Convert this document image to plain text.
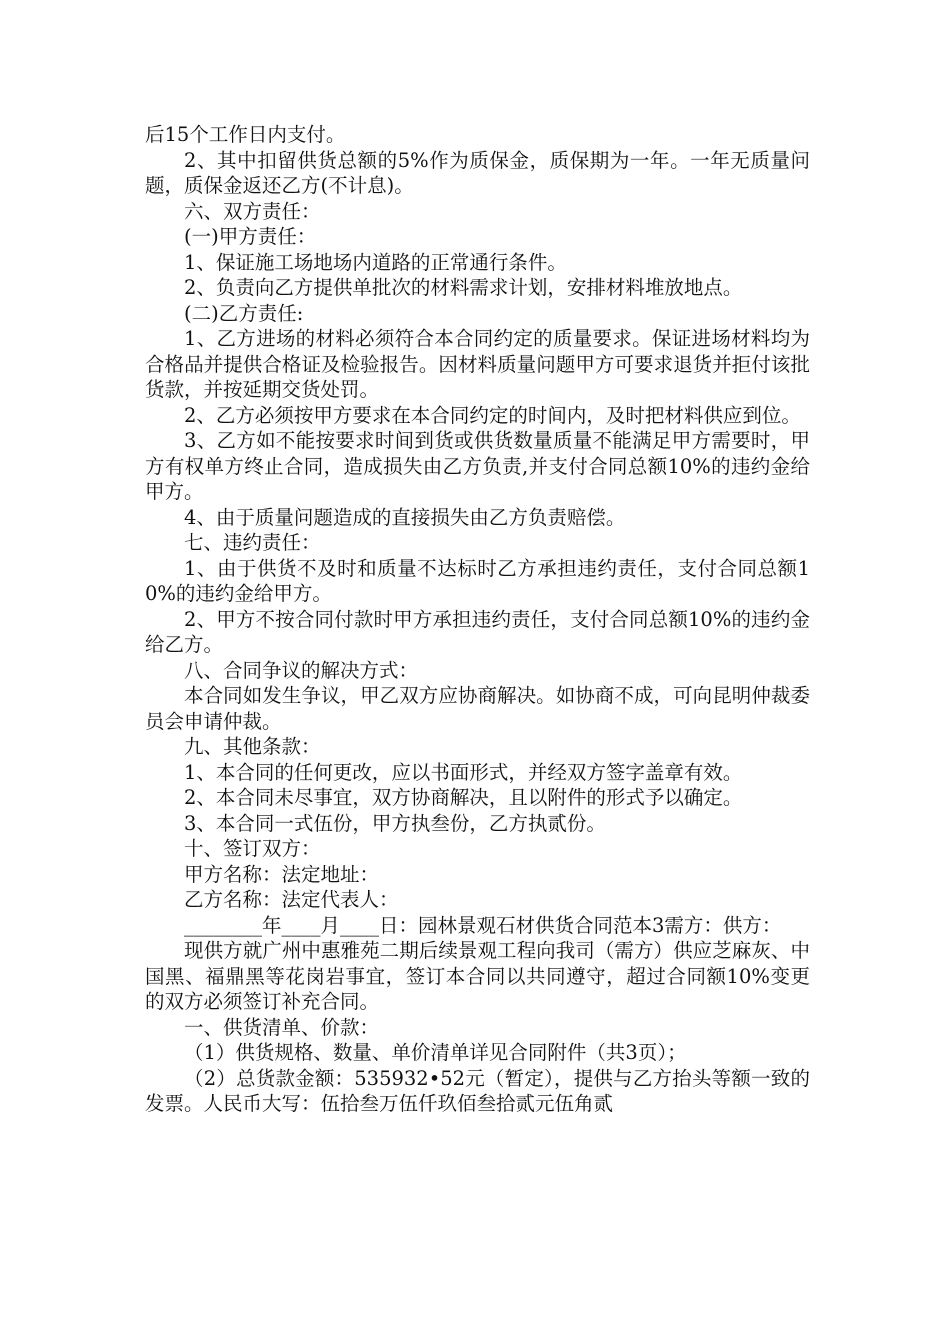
后15个工作日内支付。

2、其中扣留供货总额的5%作为质保金，质保期为一年。一年无质量问题，质保金返还乙方(不计息)。

六、双方责任：

(一)甲方责任：

1、保证施工场地场内道路的正常通行条件。

2、负责向乙方提供单批次的材料需求计划，安排材料堆放地点。

(二)乙方责任:

1、乙方进场的材料必须符合本合同约定的质量要求。保证进场材料均为合格品并提供合格证及检验报告。因材料质量问题甲方可要求退货并拒付该批货款，并按延期交货处罚。

2、乙方必须按甲方要求在本合同约定的时间内，及时把材料供应到位。

3、乙方如不能按要求时间到货或供货数量质量不能满足甲方需要时，甲方有权单方终止合同，造成损失由乙方负责,并支付合同总额10%的违约金给甲方。

4、由于质量问题造成的直接损失由乙方负责赔偿。

七、违约责任：

1、由于供货不及时和质量不达标时乙方承担违约责任，支付合同总额10%的违约金给甲方。

2、甲方不按合同付款时甲方承担违约责任，支付合同总额10%的违约金给乙方。

八、合同争议的解决方式：

本合同如发生争议，甲乙双方应协商解决。如协商不成，可向昆明仲裁委员会申请仲裁。

九、其他条款：

1、本合同的任何更改，应以书面形式，并经双方签字盖章有效。

2、本合同未尽事宜，双方协商解决，且以附件的形式予以确定。

3、本合同一式伍份，甲方执叁份，乙方执贰份。

十、签订双方：

甲方名称：法定地址：

乙方名称：法定代表人：

________年____月____日：园林景观石材供货合同范本3需方：供方：

现供方就广州中惠雅苑二期后续景观工程向我司（需方）供应芝麻灰、中国黑、福鼎黑等花岗岩事宜，签订本合同以共同遵守，超过合同额10%变更的双方必须签订补充合同。

一、供货清单、价款：

（1）供货规格、数量、单价清单详见合同附件（共3页）；

（2）总货款金额：535932•52元（暂定），提供与乙方抬头等额一致的发票。人民币大写：伍拾叁万伍仟玖佰叁拾贰元伍角贰
